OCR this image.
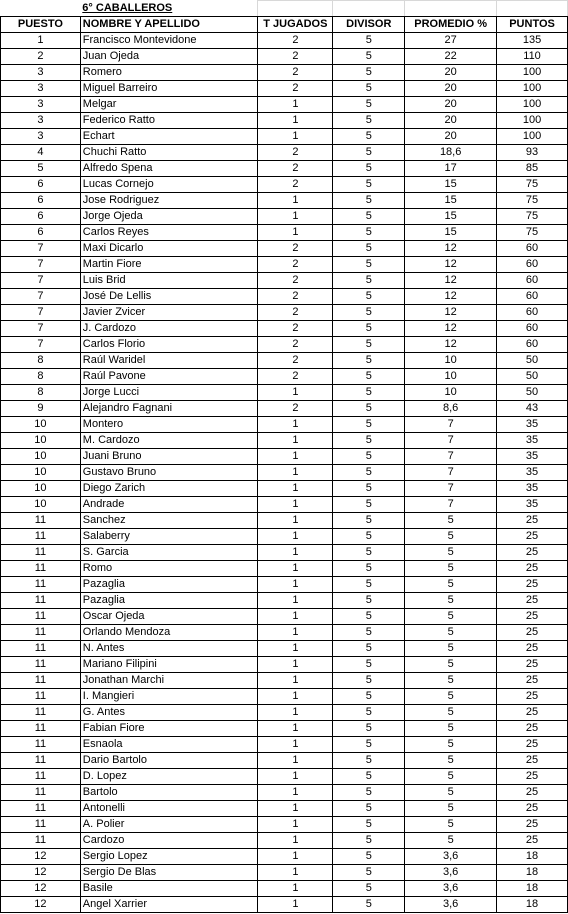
	6° CABALLEROS				
PUESTO	NOMBRE Y APELLIDO	T JUGADOS	DIVISOR	PROMEDIO %	PUNTOS
1	Francisco Montevidone	2	5	27	135
2	Juan Ojeda	2	5	22	110
3	Romero	2	5	20	100
3	Miguel Barreiro	2	5	20	100
3	Melgar	1	5	20	100
3	Federico Ratto	1	5	20	100
3	Echart	1	5	20	100
4	Chuchi Ratto	2	5	18,6	93
5	Alfredo Spena	2	5	17	85
6	Lucas Cornejo	2	5	15	75
6	Jose Rodriguez	1	5	15	75
6	Jorge Ojeda	1	5	15	75
6	Carlos Reyes	1	5	15	75
7	Maxi Dicarlo	2	5	12	60
7	Martin Fiore	2	5	12	60
7	Luis Brid	2	5	12	60
7	José De Lellis	2	5	12	60
7	Javier Zvicer	2	5	12	60
7	J. Cardozo	2	5	12	60
7	Carlos Florio	2	5	12	60
8	Raúl Waridel	2	5	10	50
8	Raúl Pavone	2	5	10	50
8	Jorge Lucci	1	5	10	50
9	Alejandro Fagnani	2	5	8,6	43
10	Montero	1	5	7	35
10	M. Cardozo	1	5	7	35
10	Juani Bruno	1	5	7	35
10	Gustavo Bruno	1	5	7	35
10	Diego Zarich	1	5	7	35
10	Andrade	1	5	7	35
11	Sanchez	1	5	5	25
11	Salaberry	1	5	5	25
11	S. Garcia	1	5	5	25
11	Romo	1	5	5	25
11	Pazaglia	1	5	5	25
11	Pazaglia	1	5	5	25
11	Oscar Ojeda	1	5	5	25
11	Orlando Mendoza	1	5	5	25
11	N. Antes	1	5	5	25
11	Mariano Filipini	1	5	5	25
11	Jonathan Marchi	1	5	5	25
11	I. Mangieri	1	5	5	25
11	G. Antes	1	5	5	25
11	Fabian Fiore	1	5	5	25
11	Esnaola	1	5	5	25
11	Dario Bartolo	1	5	5	25
11	D. Lopez	1	5	5	25
11	Bartolo	1	5	5	25
11	Antonelli	1	5	5	25
11	A. Polier	1	5	5	25
11	Cardozo	1	5	5	25
12	Sergio Lopez	1	5	3,6	18
12	Sergio De Blas	1	5	3,6	18
12	Basile	1	5	3,6	18
12	Angel Xarrier	1	5	3,6	18
